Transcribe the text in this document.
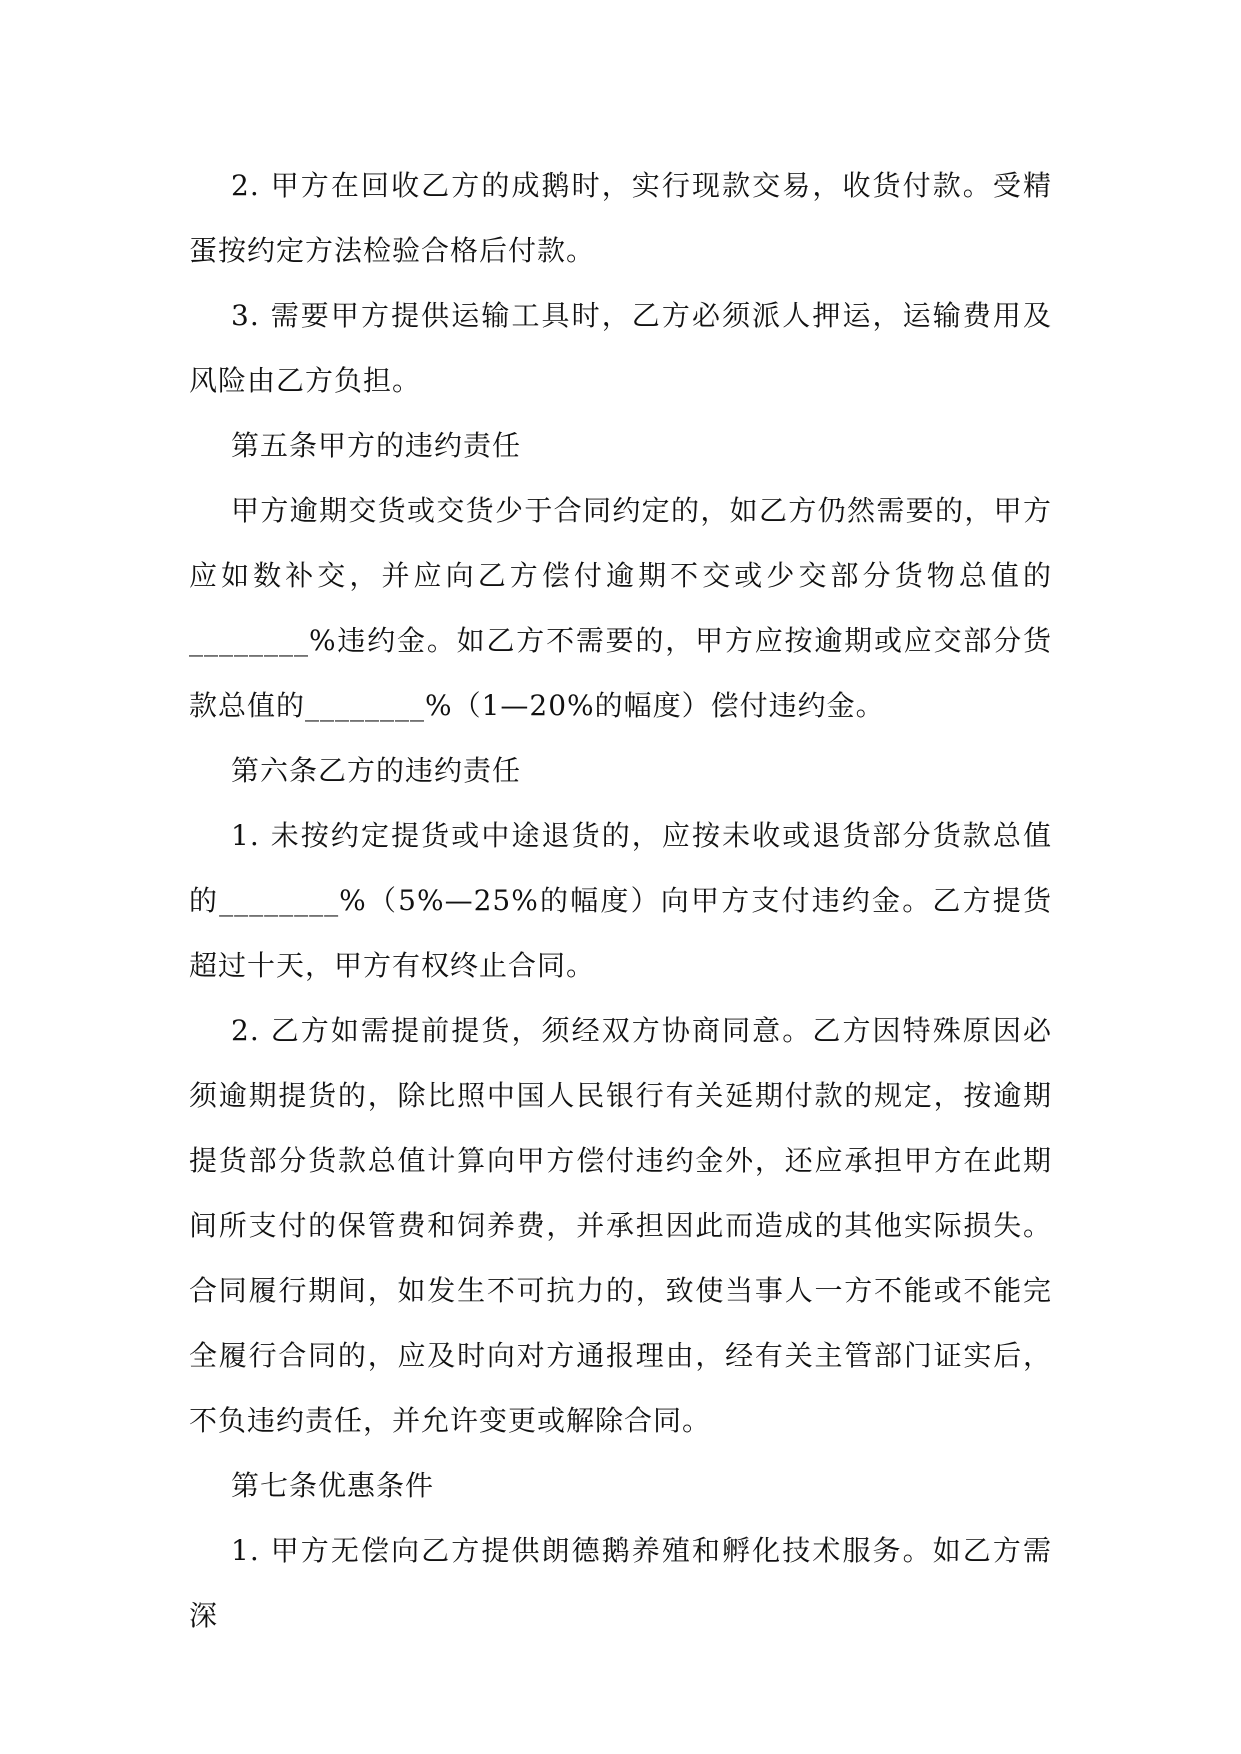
2. 甲方在回收乙方的成鹅时，实行现款交易，收货付款。受精蛋按约定方法检验合格后付款。

3. 需要甲方提供运输工具时，乙方必须派人押运，运输费用及风险由乙方负担。

第五条甲方的违约责任

甲方逾期交货或交货少于合同约定的，如乙方仍然需要的，甲方应如数补交，并应向乙方偿付逾期不交或少交部分货物总值的________%违约金。如乙方不需要的，甲方应按逾期或应交部分货款总值的________%（1—20%的幅度）偿付违约金。

第六条乙方的违约责任

1. 未按约定提货或中途退货的，应按未收或退货部分货款总值的________%（5%—25%的幅度）向甲方支付违约金。乙方提货超过十天，甲方有权终止合同。

2. 乙方如需提前提货，须经双方协商同意。乙方因特殊原因必须逾期提货的，除比照中国人民银行有关延期付款的规定，按逾期提货部分货款总值计算向甲方偿付违约金外，还应承担甲方在此期间所支付的保管费和饲养费，并承担因此而造成的其他实际损失。合同履行期间，如发生不可抗力的，致使当事人一方不能或不能完全履行合同的，应及时向对方通报理由，经有关主管部门证实后，不负违约责任，并允许变更或解除合同。

第七条优惠条件

1. 甲方无偿向乙方提供朗德鹅养殖和孵化技术服务。如乙方需深
